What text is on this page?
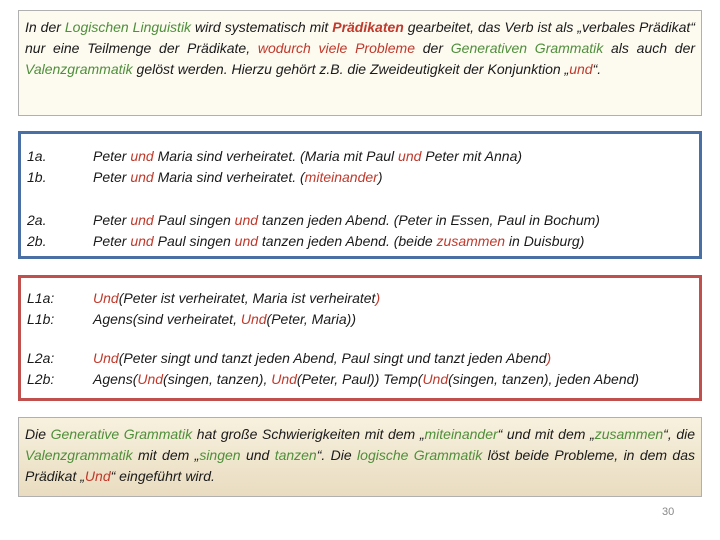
In der Logischen Linguistik wird systematisch mit Prädikaten gearbeitet, das Verb ist als „verbales Prädikat“ nur eine Teilmenge der Prädikate, wodurch viele Probleme der Generativen Grammatik als auch der Valenzgrammatik gelöst werden. Hierzu gehört z.B. die Zweideutigkeit der Konjunktion „und“.

1a.
1b.Peter und Maria sind verheiratet. (Maria mit Paul und Peter mit Anna)
Peter und Maria sind verheiratet. (miteinander)
2a.
2b.Peter und Paul singen und tanzen jeden Abend. (Peter in Essen, Paul in Bochum)
Peter und Paul singen und tanzen jeden Abend. (beide zusammen in Duisburg)
L1a:
L1b:Und(Peter ist verheiratet, Maria ist verheiratet)
Agens(sind verheiratet, Und(Peter, Maria))
L2a:
L2b:Und(Peter singt und tanzt jeden Abend, Paul singt und tanzt jeden Abend)
Agens(Und(singen, tanzen), Und(Peter, Paul)) Temp(Und(singen, tanzen), jeden Abend)

Die Generative Grammatik hat große Schwierigkeiten mit dem „miteinander“ und mit dem „zusammen“, die Valenzgrammatik mit dem „singen und tanzen“. Die logische Grammatik löst beide Probleme, in dem das Prädikat „Und“ eingeführt wird.

30
